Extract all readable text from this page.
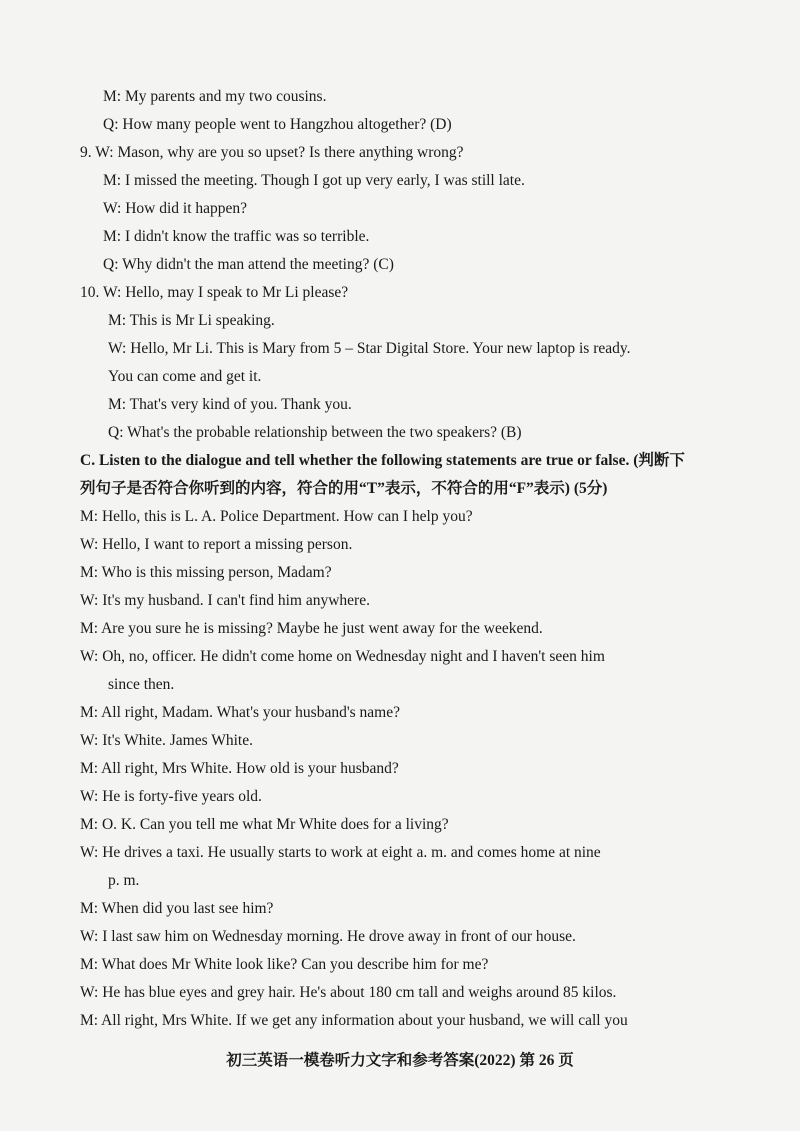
M: My parents and my two cousins.
Q: How many people went to Hangzhou altogether? (D)
9. W: Mason, why are you so upset? Is there anything wrong?
M: I missed the meeting. Though I got up very early, I was still late.
W: How did it happen?
M: I didn't know the traffic was so terrible.
Q: Why didn't the man attend the meeting? (C)
10. W: Hello, may I speak to Mr Li please?
M: This is Mr Li speaking.
W: Hello, Mr Li. This is Mary from 5 – Star Digital Store. Your new laptop is ready.
You can come and get it.
M: That's very kind of you. Thank you.
Q: What's the probable relationship between the two speakers? (B)
C. Listen to the dialogue and tell whether the following statements are true or false. (判断下
列句子是否符合你听到的内容，符合的用“T”表示，不符合的用“F”表示) (5分)
M: Hello, this is L. A. Police Department. How can I help you?
W: Hello, I want to report a missing person.
M: Who is this missing person, Madam?
W: It's my husband. I can't find him anywhere.
M: Are you sure he is missing? Maybe he just went away for the weekend.
W: Oh, no, officer. He didn't come home on Wednesday night and I haven't seen him
since then.
M: All right, Madam. What's your husband's name?
W: It's White. James White.
M: All right, Mrs White. How old is your husband?
W: He is forty-five years old.
M: O. K. Can you tell me what Mr White does for a living?
W: He drives a taxi. He usually starts to work at eight a. m. and comes home at nine
p. m.
M: When did you last see him?
W: I last saw him on Wednesday morning. He drove away in front of our house.
M: What does Mr White look like? Can you describe him for me?
W: He has blue eyes and grey hair. He's about 180 cm tall and weighs around 85 kilos.
M: All right, Mrs White. If we get any information about your husband, we will call you
初三英语一模卷听力文字和参考答案(2022) 第 26 页
